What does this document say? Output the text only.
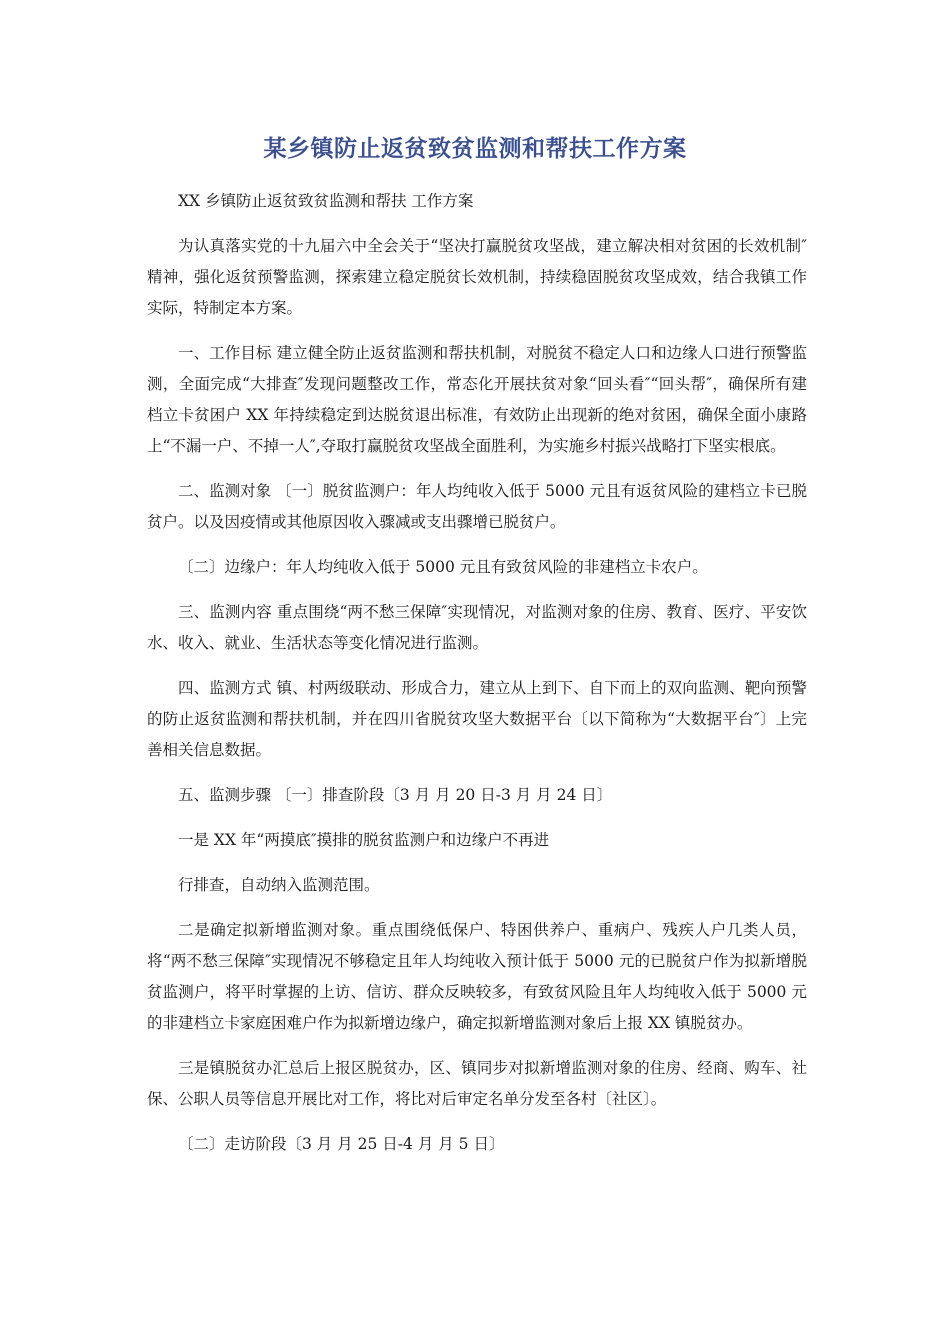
某乡镇防止返贫致贫监测和帮扶工作方案

XX 乡镇防止返贫致贫监测和帮扶 工作方案

为认真落实党的十九届六中全会关于“坚决打赢脱贫攻坚战，建立解决相对贫困的长效机制″精神，强化返贫预警监测，探索建立稳定脱贫长效机制，持续稳固脱贫攻坚成效，结合我镇工作实际，特制定本方案。

一、工作目标 建立健全防止返贫监测和帮扶机制，对脱贫不稳定人口和边缘人口进行预警监测，全面完成“大排查″发现问题整改工作，常态化开展扶贫对象“回头看″“回头帮″，确保所有建档立卡贫困户 XX 年持续稳定到达脱贫退出标准，有效防止出现新的绝对贫困，确保全面小康路上“不漏一户、不掉一人″,夺取打赢脱贫攻坚战全面胜利，为实施乡村振兴战略打下坚实根底。

二、监测对象 〔一〕脱贫监测户：年人均纯收入低于 5000 元且有返贫风险的建档立卡已脱贫户。以及因疫情或其他原因收入骤减或支出骤增已脱贫户。

〔二〕边缘户：年人均纯收入低于 5000 元且有致贫风险的非建档立卡农户。

三、监测内容 重点围绕“两不愁三保障″实现情况，对监测对象的住房、教育、医疗、平安饮水、收入、就业、生活状态等变化情况进行监测。

四、监测方式 镇、村两级联动、形成合力，建立从上到下、自下而上的双向监测、靶向预警的防止返贫监测和帮扶机制，并在四川省脱贫攻坚大数据平台〔以下简称为“大数据平台″〕上完善相关信息数据。

五、监测步骤 〔一〕排查阶段〔3 月 月 20 日-3 月 月 24 日〕

一是 XX 年“两摸底″摸排的脱贫监测户和边缘户不再进

行排查，自动纳入监测范围。

二是确定拟新增监测对象。重点围绕低保户、特困供养户、重病户、残疾人户几类人员，将“两不愁三保障″实现情况不够稳定且年人均纯收入预计低于 5000 元的已脱贫户作为拟新增脱贫监测户，将平时掌握的上访、信访、群众反映较多，有致贫风险且年人均纯收入低于 5000 元的非建档立卡家庭困难户作为拟新增边缘户，确定拟新增监测对象后上报 XX 镇脱贫办。

三是镇脱贫办汇总后上报区脱贫办，区、镇同步对拟新增监测对象的住房、经商、购车、社保、公职人员等信息开展比对工作，将比对后审定名单分发至各村〔社区〕。

〔二〕走访阶段〔3 月 月 25 日-4 月 月 5 日〕
